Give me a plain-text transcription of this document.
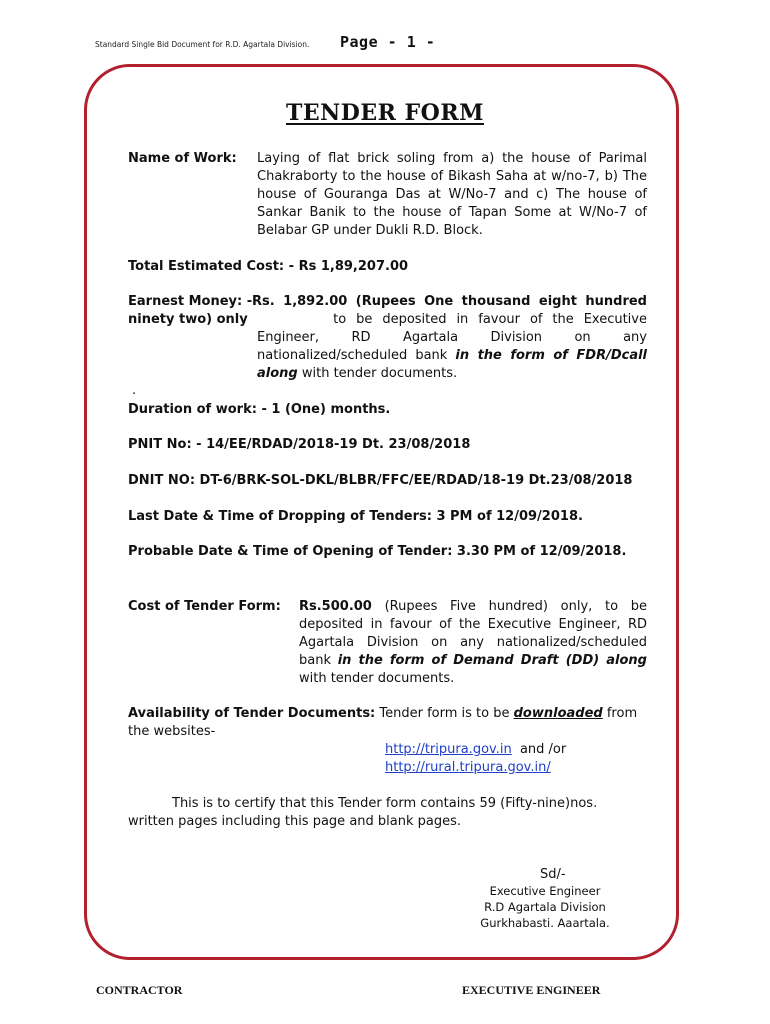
Standard Single Bid Document for R.D. Agartala Division. Page - 1 -
TENDER FORM
Name of Work: Laying of flat brick soling from a) the house of Parimal Chakraborty to the house of Bikash Saha at w/no-7, b) The house of Gouranga Das at W/No-7 and c) The house of Sankar Banik to the house of Tapan Some at W/No-7 of Belabar GP under Dukli R.D. Block.
Total Estimated Cost: - Rs 1,89,207.00
Earnest Money: - Rs. 1,892.00 (Rupees One thousand eight hundred ninety two) only	to be deposited in favour of the Executive Engineer, RD Agartala Division on any nationalized/scheduled bank in the form of FDR/Dcall along with tender documents.
.
Duration of work: - 1 (One) months.
PNIT No: - 14/EE/RDAD/2018-19 Dt. 23/08/2018
DNIT NO: DT-6/BRK-SOL-DKL/BLBR/FFC/EE/RDAD/18-19 Dt.23/08/2018
Last Date & Time of Dropping of Tenders: 3 PM of 12/09/2018.
Probable Date & Time of Opening of Tender: 3.30 PM of 12/09/2018.
Cost of Tender Form: Rs.500.00 (Rupees Five hundred) only, to be deposited in favour of the Executive Engineer, RD Agartala Division on any nationalized/scheduled bank in the form of Demand Draft (DD) along with tender documents.
Availability of Tender Documents: Tender form is to be downloaded from the websites-
http://tripura.gov.in  and /or
http://rural.tripura.gov.in/
This is to certify that this Tender form contains 59 (Fifty-nine)nos. written pages including this page and blank pages.
Sd/-
Executive Engineer
R.D Agartala Division
Gurkhabasti. Aaartala.
CONTRACTOR	EXECUTIVE ENGINEER
